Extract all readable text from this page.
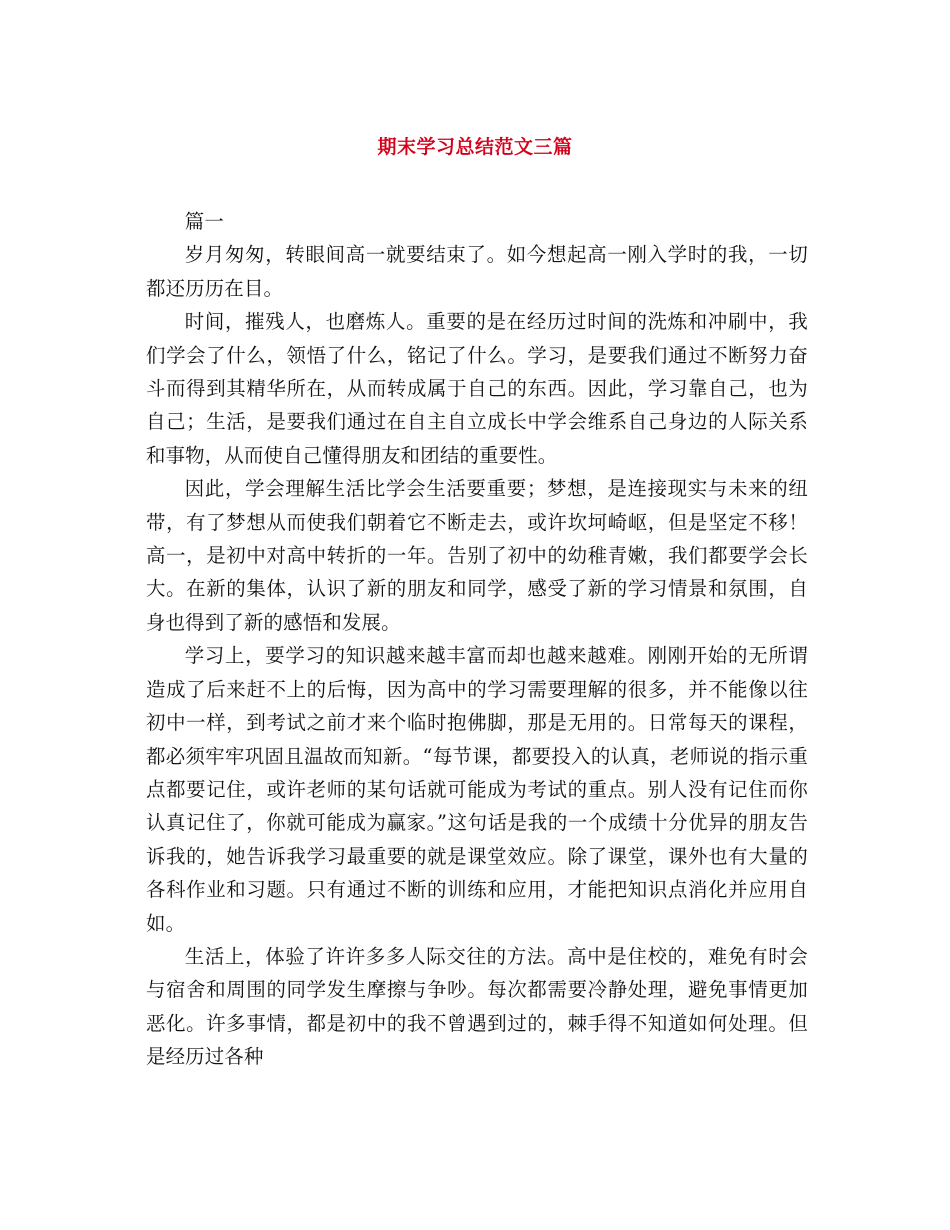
期末学习总结范文三篇

篇一

岁月匆匆，转眼间高一就要结束了。如今想起高一刚入学时的我，一切都还历历在目。

时间，摧残人，也磨炼人。重要的是在经历过时间的洗炼和冲刷中，我们学会了什么，领悟了什么，铭记了什么。学习，是要我们通过不断努力奋斗而得到其精华所在，从而转成属于自己的东西。因此，学习靠自己，也为自己；生活，是要我们通过在自主自立成长中学会维系自己身边的人际关系和事物，从而使自己懂得朋友和团结的重要性。

因此，学会理解生活比学会生活要重要；梦想，是连接现实与未来的纽带，有了梦想从而使我们朝着它不断走去，或许坎坷崎岖，但是坚定不移！高一，是初中对高中转折的一年。告别了初中的幼稚青嫩，我们都要学会长大。在新的集体，认识了新的朋友和同学，感受了新的学习情景和氛围，自身也得到了新的感悟和发展。

学习上，要学习的知识越来越丰富而却也越来越难。刚刚开始的无所谓造成了后来赶不上的后悔，因为高中的学习需要理解的很多，并不能像以往初中一样，到考试之前才来个临时抱佛脚，那是无用的。日常每天的课程，都必须牢牢巩固且温故而知新。“每节课，都要投入的认真，老师说的指示重点都要记住，或许老师的某句话就可能成为考试的重点。别人没有记住而你认真记住了，你就可能成为赢家。”这句话是我的一个成绩十分优异的朋友告诉我的，她告诉我学习最重要的就是课堂效应。除了课堂，课外也有大量的各科作业和习题。只有通过不断的训练和应用，才能把知识点消化并应用自如。

生活上，体验了许许多多人际交往的方法。高中是住校的，难免有时会与宿舍和周围的同学发生摩擦与争吵。每次都需要冷静处理，避免事情更加恶化。许多事情，都是初中的我不曾遇到过的，棘手得不知道如何处理。但是经历过各种
